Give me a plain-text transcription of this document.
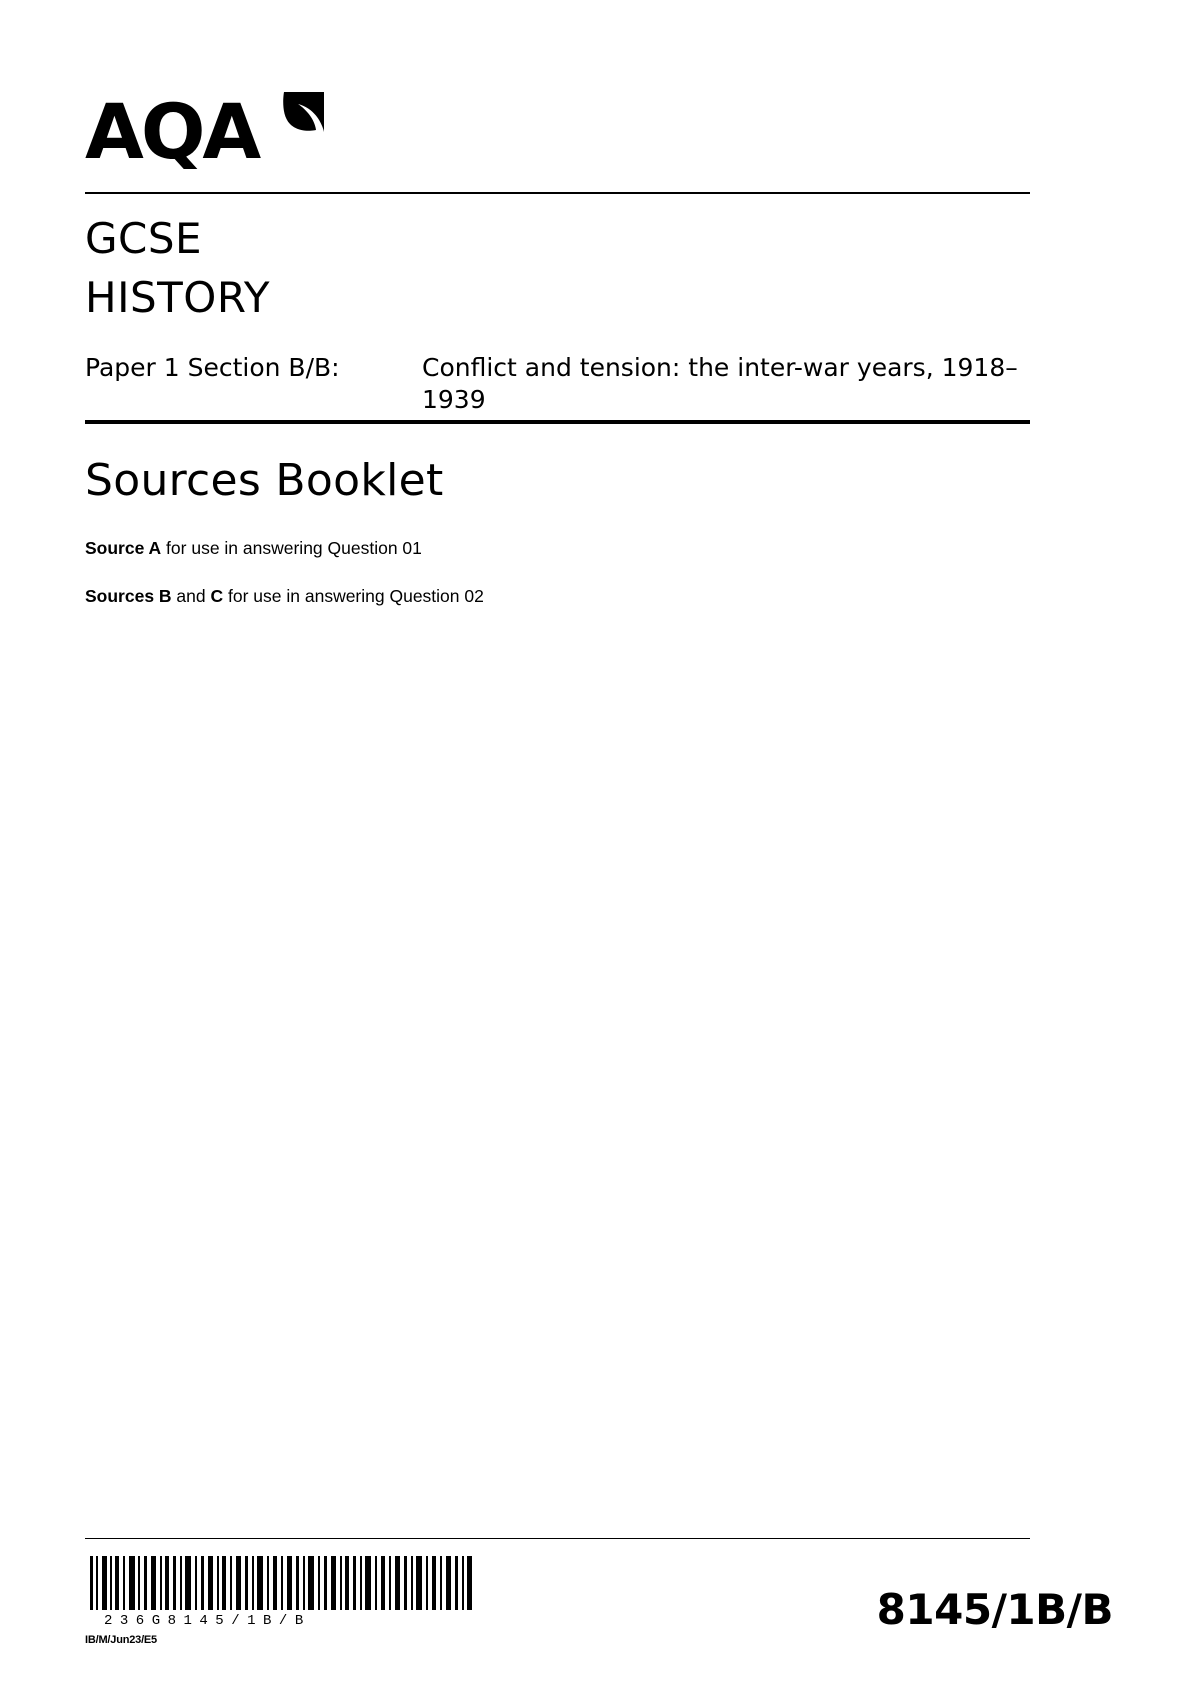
AQA
GCSE
HISTORY
Paper 1 Section B/B:	Conflict and tension: the inter-war years, 1918–1939
Sources Booklet
Source A for use in answering Question 01
Sources B and C for use in answering Question 02
236G8145/1B/B
IB/M/Jun23/E5
8145/1B/B
